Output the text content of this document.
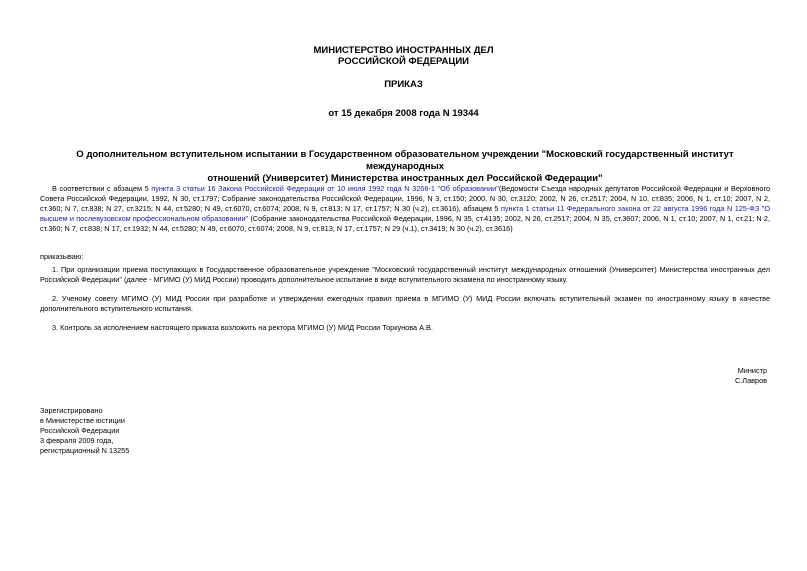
МИНИСТЕРСТВО ИНОСТРАННЫХ ДЕЛ
РОССИЙСКОЙ ФЕДЕРАЦИИ
ПРИКАЗ
от 15 декабря 2008 года N 19344
О дополнительном вступительном испытании в Государственном образовательном учреждении "Московский государственный институт международных
отношений (Университет) Министерства иностранных дел Российской Федерации"
В соответствии с абзацем 5 пункта 3 статьи 16 Закона Российской Федерации от 10 июля 1992 года N 3266-1 "Об образовании"(Ведомости Съезда народных депутатов Российской Федерации и Верховного Совета Российской Федерации, 1992, N 30, ст.1797; Собрание законодательства Российской Федерации, 1996, N 3, ст.150; 2000, N 30, ст.3120; 2002, N 26, ст.2517; 2004, N 10, ст.835; 2006, N 1, ст.10; 2007, N 2, ст.360; N 7, ст.838; N 27, ст.3215; N 44, ст.5280; N 49, ст.6070, ст.6074; 2008, N 9, ст.813; N 17, ст.1757; N 30 (ч.2), ст.3616), абзацем 5 пункта 1 статьи 11 Федерального закона от 22 августа 1996 года N 125-ФЗ "О высшем и послевузовском профессиональном образовании" (Собрание законодательства Российской Федерации, 1996, N 35, ст.4135; 2002, N 26, ст.2517; 2004, N 35, ст.3607; 2006, N 1, ст.10; 2007, N 1, ст.21; N 2, ст.360; N 7, ст.838; N 17, ст.1932; N 44, ст.5280; N 49, ст.6070, ст.6074; 2008, N 9, ст.813; N 17, ст.1757; N 29 (ч.1), ст.3419; N 30 (ч.2), ст.3616)
приказываю:
1. При организации приема поступающих в Государственное образовательное учреждение "Московский государственный институт международных отношений (Университет) Министерства иностранных дел Российской Федерации" (далее - МГИМО (У) МИД России) проводить дополнительное испытание в виде вступительного экзамена по иностранному языку.
2. Ученому совету МГИМО (У) МИД России при разработке и утверждении ежегодных правил приема в МГИМО (У) МИД России включать вступительный экзамен по иностранному языку в качестве дополнительного вступительного испытания.
3. Контроль за исполнением настоящего приказа возложить на ректора МГИМО (У) МИД России Торкунова А.В.
Министр
С.Лавров
Зарегистрировано
в Министерстве юстиции
Российской Федерации
3 февраля 2009 года,
регистрационный N 13255
